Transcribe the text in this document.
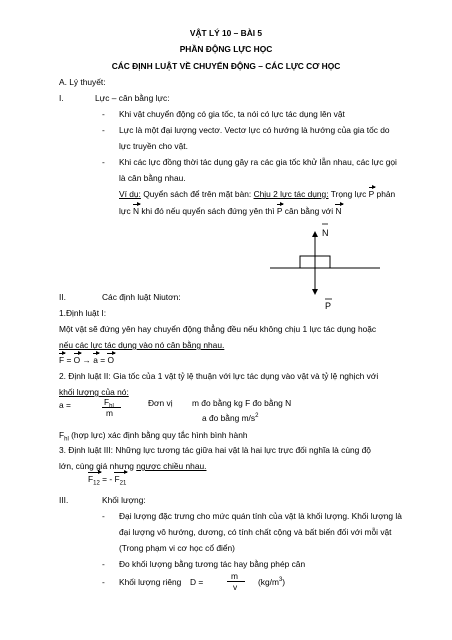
VẬT LÝ 10 – BÀI 5
PHẦN ĐỘNG LỰC HỌC
CÁC ĐỊNH LUẬT VỀ CHUYỂN ĐỘNG – CÁC LỰC CƠ HỌC
A. Lý thuyết:
I.	Lực – cân bằng lực:
- Khi vật chuyển động có gia tốc, ta nói có lực tác dụng lên vật
- Lực là một đại lượng vectơ. Vectơ lực có hướng là hướng của gia tốc do
lực truyền cho vật.
- Khi các lực đồng thời tác dụng gây ra các gia tốc khử lẫn nhau, các lực gọi
là cân bằng nhau.
Ví dụ: Quyển sách để trên mặt bàn: Chịu 2 lực tác dụng: Trọng lực P phản
lực N khi đó nếu quyển sách đứng yên thì P cân bằng với N
N
P
II.	Các định luật Niutơn:
1.Định luật I:
Một vật sẽ đứng yên hay chuyển động thẳng đều nếu không chịu 1 lực tác dụng hoặc
nếu các lực tác dụng vào nó cân bằng nhau.
F = O → a = O
2. Định luật II: Gia tốc của 1 vật tỷ lệ thuận với lực tác dụng vào vật và tỷ lệ nghịch với
khối lượng của nó:
a =	F
m
Đơn vị m đo bằng kg F đo bằng N
a đo bằng $m/s^2$
$F_{hl}$ (hợp lực) xác định bằng quy tắc hình bình hành
3. Định luật III: Những lực tương tác giữa hai vật là hai lực trực đối nghĩa là cùng độ
lớn, cùng giá nhưng ngược chiều nhau.
$F_{12}$ = - $F_{21}$
III.	Khối lượng:
- Đại lượng đặc trưng cho mức quán tính của vật là khối lượng. Khối lượng là
đại lượng vô hướng, dương, có tính chất cộng và bất biến đối với mỗi vật
(Trong phạm vi cơ học cổ điển)
- Đo khối lượng bằng tương tác hay bằng phép cân
- Khối lượng riêng D =
m
v $(kg/m^3)$
